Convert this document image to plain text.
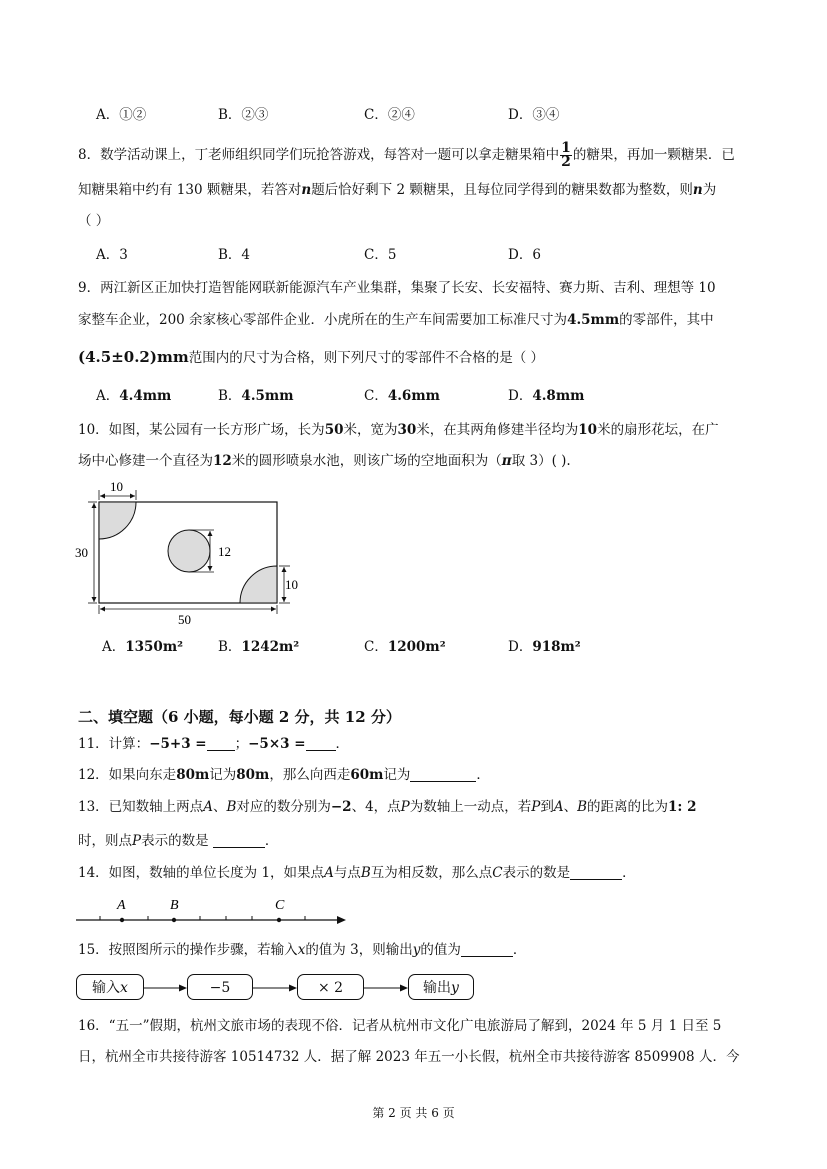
A．①②	B．②③	C．②④	D．③④
8．数学活动课上，丁老师组织同学们玩抢答游戏，每答对一题可以拿走糖果箱中 $\frac{1}{2}$ 的糖果，再加一颗糖果．已
知糖果箱中约有 130 颗糖果，若答对n题后恰好剩下 2 颗糖果，且每位同学得到的糖果数都为整数，则n为
（ ）
A．3	B．4	C．5	D．6
9．两江新区正加快打造智能网联新能源汽车产业集群，集聚了长安、长安福特、赛力斯、吉利、理想等 10
家整车企业，200 余家核心零部件企业．小虎所在的生产车间需要加工标准尺寸为4.5mm的零部件，其中
(4.5±0.2)mm范围内的尺寸为合格，则下列尺寸的零部件不合格的是（ ）
A．4.4mm	B．4.5mm	C．4.6mm	D．4.8mm
10．如图，某公园有一长方形广场，长为50米，宽为30米，在其两角修建半径均为10米的扇形花坛，在广
场中心修建一个直径为12米的圆形喷泉水池，则该广场的空地面积为（π取 3）( ).
12
10
30
10
50
A．1350m²	B．1242m²	C．1200m²	D．918m²
二、填空题（6 小题，每小题 2 分，共 12 分）
11．计算：−5+3 = ；−5×3 = ．
12．如果向东走80m记为80m，那么向西走60m记为	．
13．已知数轴上两点A、B对应的数分别为−2、4，点P为数轴上一动点，若P到A、B的距离的比为1: 2
时，则点P表示的数是	．
14．如图，数轴的单位长度为 1，如果点A与点B互为相反数，那么点C表示的数是	．
A	B	C
15．按照图所示的操作步骤，若输入x的值为 3，则输出y的值为	．
输入x	−5	× 2	输出y
16．“五一”假期，杭州文旅市场的表现不俗．记者从杭州市文化广电旅游局了解到，2024 年 5 月 1 日至 5
日，杭州全市共接待游客 10514732 人．据了解 2023 年五一小长假，杭州全市共接待游客 8509908 人．今
第 2 页 共 6 页
